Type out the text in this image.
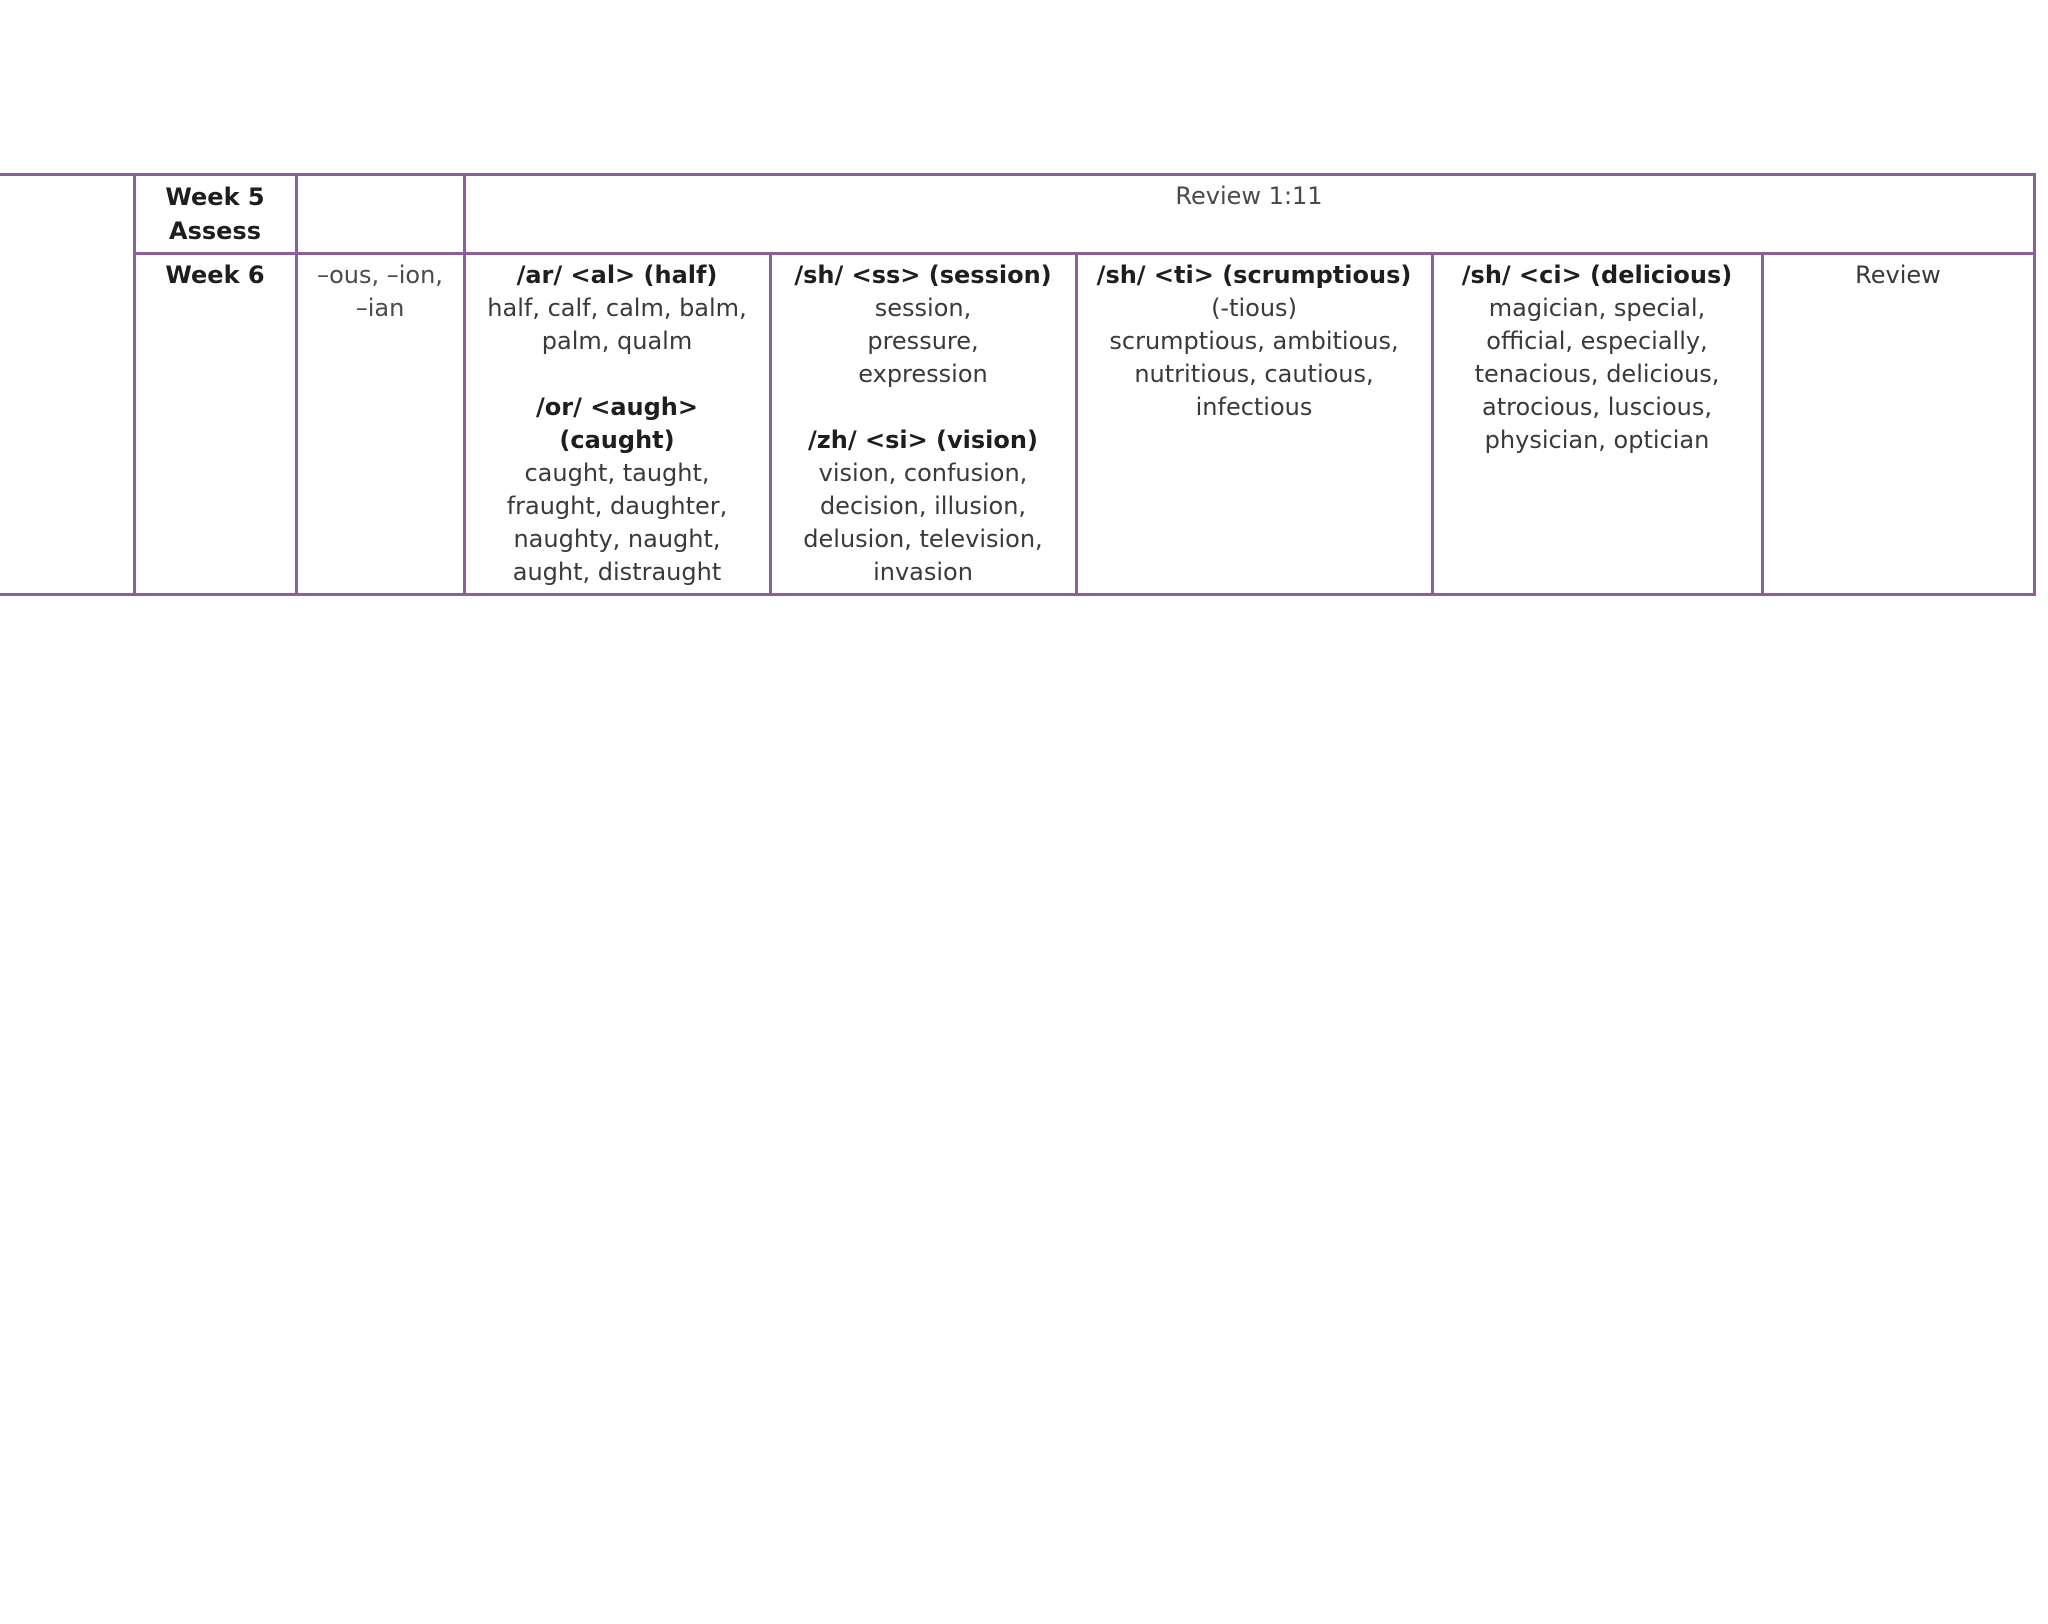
	Week 5
Assess		Review 1:11				
	Week 6	–ous, –ion, –ian	/ar/ <al> (half)
half, calf, calm, balm, palm, qualm
/or/ <augh> (caught)
caught, taught, fraught, daughter, naughty, naught, aught, distraught	/sh/ <ss> (session)
session, pressure, expression
/zh/ <si> (vision)
vision, confusion, decision, illusion, delusion, television, invasion	/sh/ <ti> (scrumptious)
(-tious)
scrumptious, ambitious, nutritious, cautious, infectious	/sh/ <ci> (delicious)
magician, special, official, especially, tenacious, delicious, atrocious, luscious, physician, optician	Review
